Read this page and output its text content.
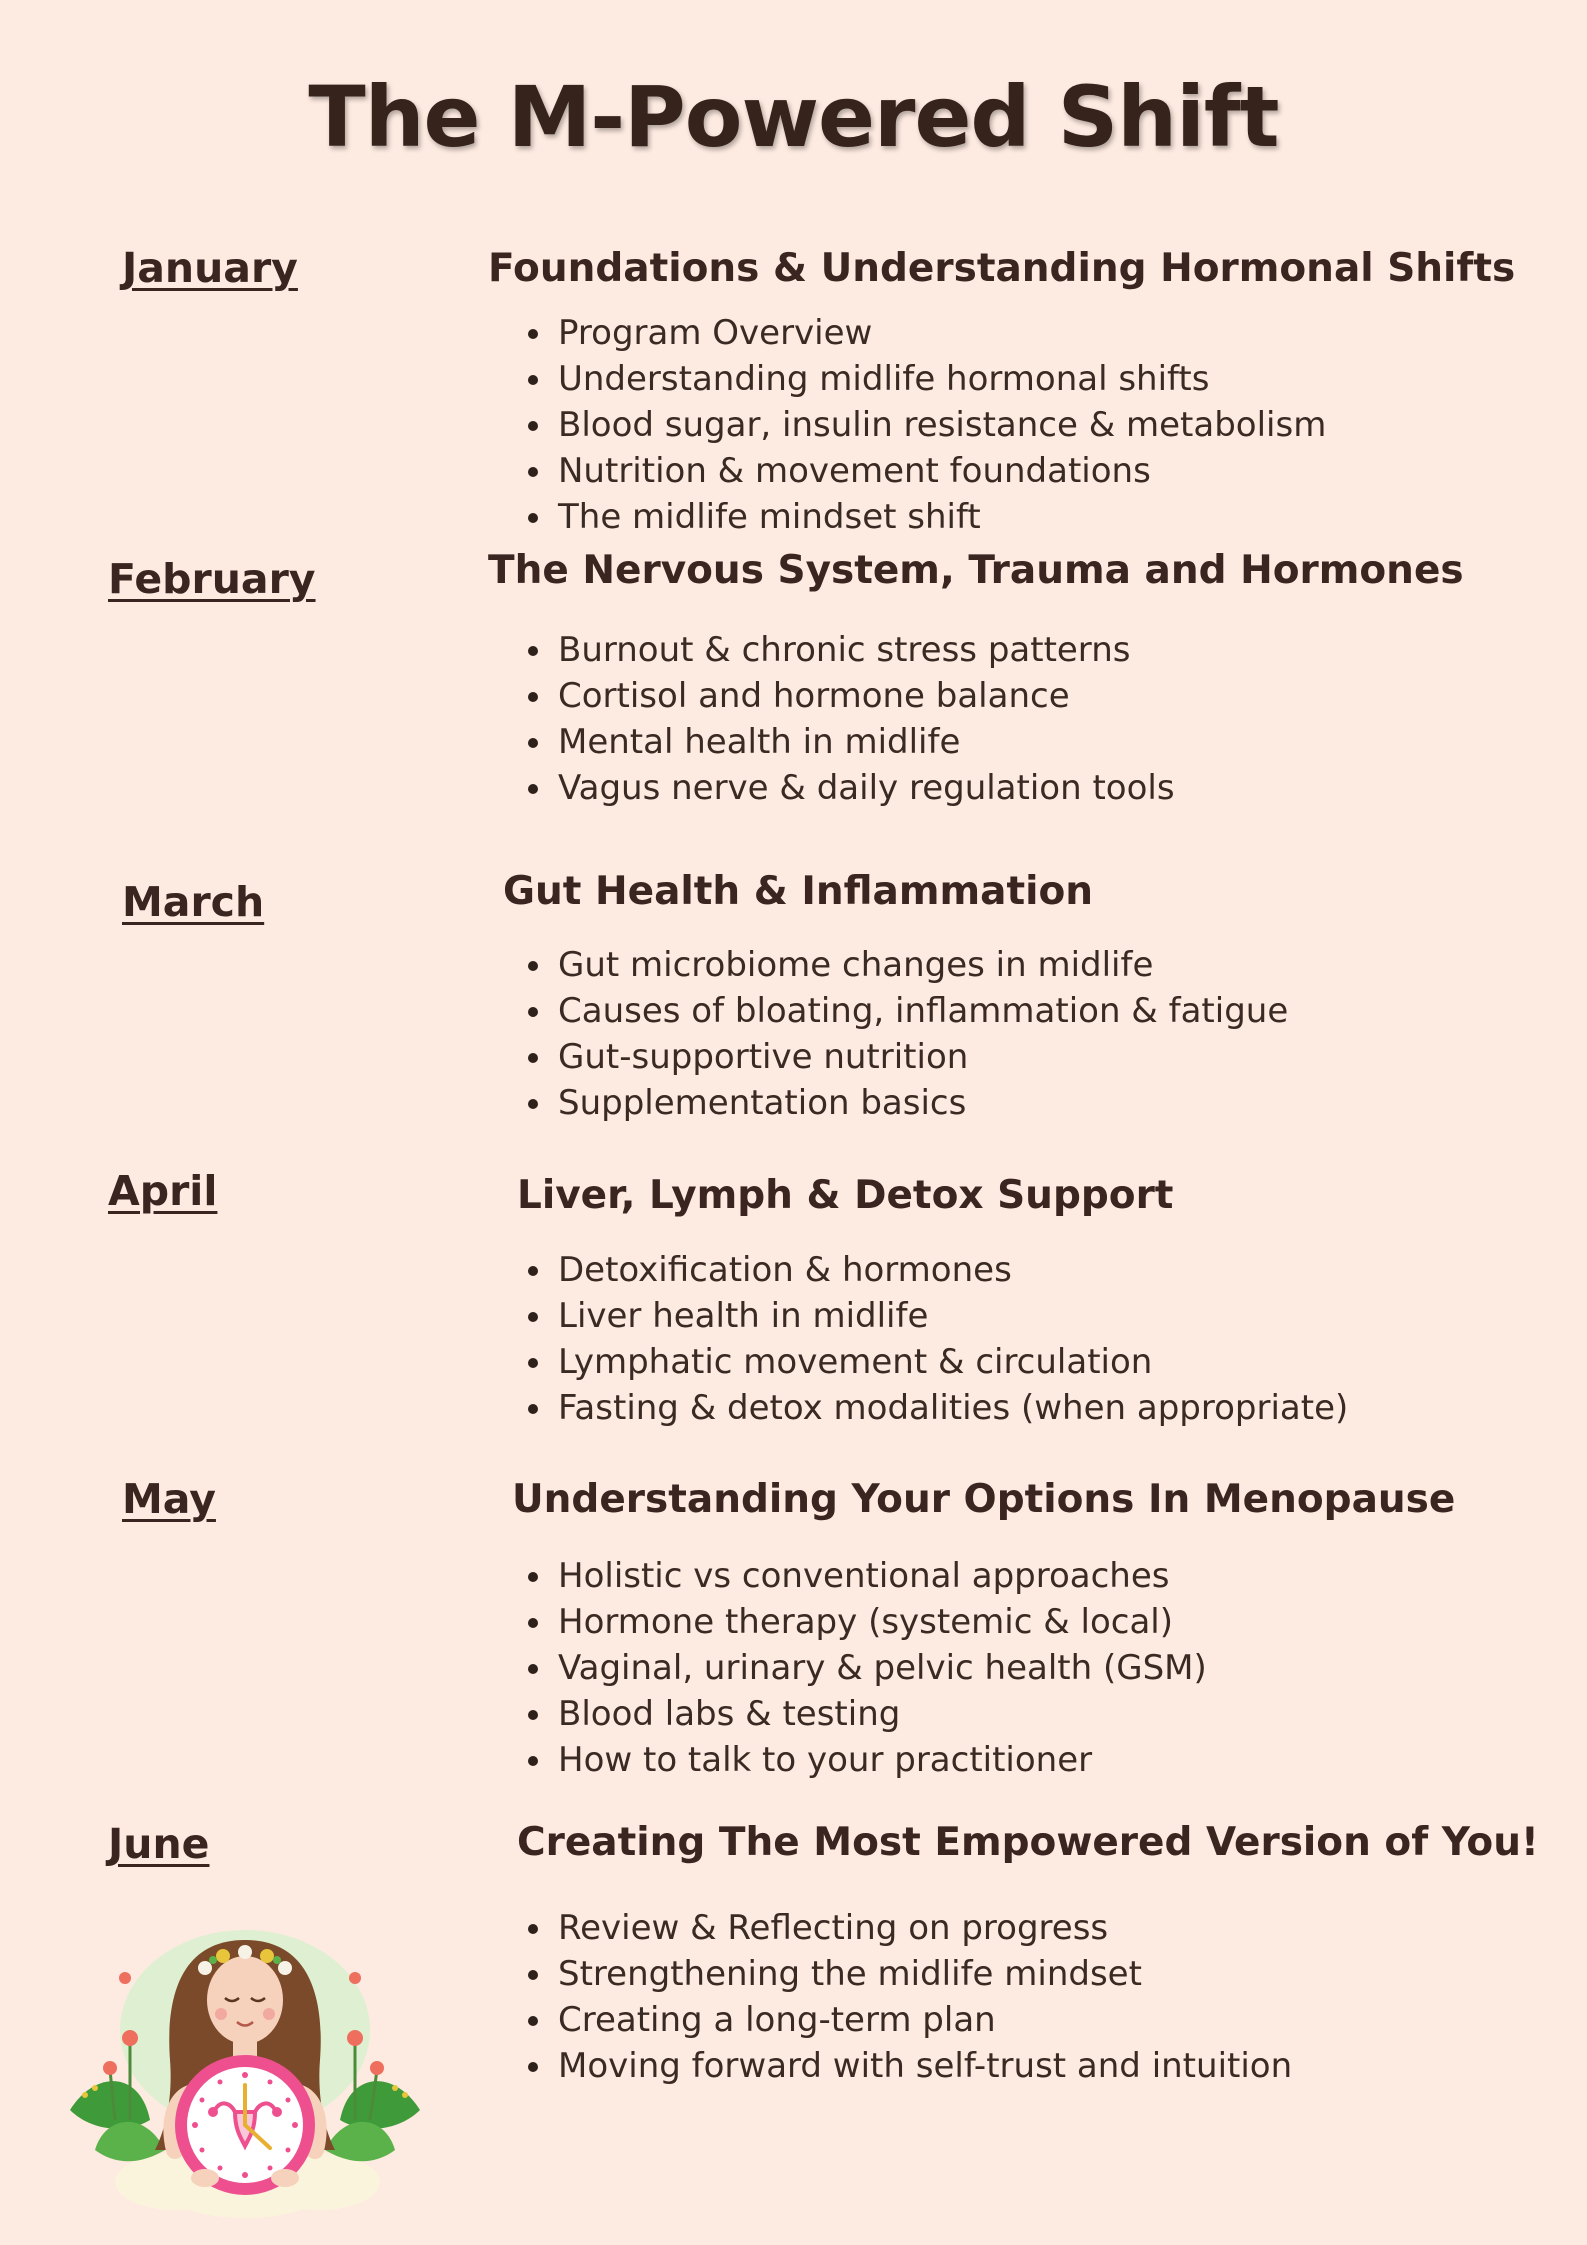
The M-Powered Shift
January	Foundations & Understanding Hormonal Shifts
Program Overview
Understanding midlife hormonal shifts
Blood sugar, insulin resistance & metabolism
Nutrition & movement foundations
The midlife mindset shift
February	The Nervous System, Trauma and Hormones
Burnout & chronic stress patterns
Cortisol and hormone balance
Mental health in midlife
Vagus nerve & daily regulation tools
March	Gut Health & Inflammation
Gut microbiome changes in midlife
Causes of bloating, inflammation & fatigue
Gut-supportive nutrition
Supplementation basics
April	Liver, Lymph & Detox Support
Detoxification & hormones
Liver health in midlife
Lymphatic movement & circulation
Fasting & detox modalities (when appropriate)
May	Understanding Your Options In Menopause
Holistic vs conventional approaches
Hormone therapy (systemic & local)
Vaginal, urinary & pelvic health (GSM)
Blood labs & testing
How to talk to your practitioner
June	Creating The Most Empowered Version of You!
Review & Reflecting on progress
Strengthening the midlife mindset
Creating a long-term plan
Moving forward with self-trust and intuition
